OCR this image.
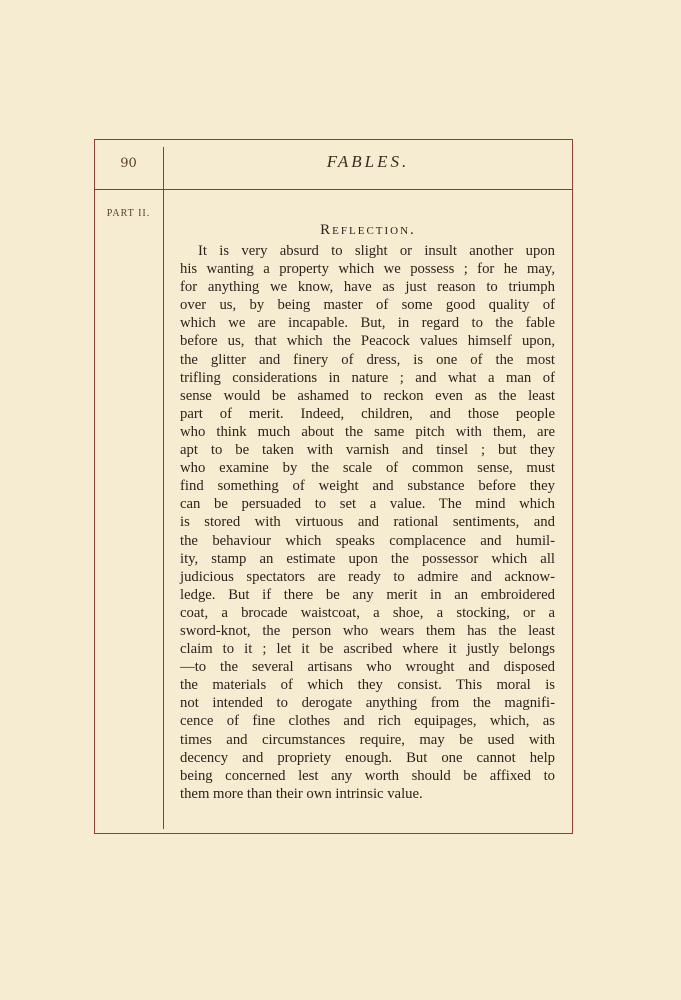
90	FABLES.
PART II.
Reflection.
It is very absurd to slight or insult another upon
his wanting a property which we possess ; for he may,
for anything we know, have as just reason to triumph
over us, by being master of some good quality of
which we are incapable. But, in regard to the fable
before us, that which the Peacock values himself upon,
the glitter and finery of dress, is one of the most
trifling considerations in nature ; and what a man of
sense would be ashamed to reckon even as the least
part of merit. Indeed, children, and those people
who think much about the same pitch with them, are
apt to be taken with varnish and tinsel ; but they
who examine by the scale of common sense, must
find something of weight and substance before they
can be persuaded to set a value. The mind which
is stored with virtuous and rational sentiments, and
the behaviour which speaks complacence and humil-
ity, stamp an estimate upon the possessor which all
judicious spectators are ready to admire and acknow-
ledge. But if there be any merit in an embroidered
coat, a brocade waistcoat, a shoe, a stocking, or a
sword-knot, the person who wears them has the least
claim to it ; let it be ascribed where it justly belongs
—to the several artisans who wrought and disposed
the materials of which they consist. This moral is
not intended to derogate anything from the magnifi-
cence of fine clothes and rich equipages, which, as
times and circumstances require, may be used with
decency and propriety enough. But one cannot help
being concerned lest any worth should be affixed to
them more than their own intrinsic value.
